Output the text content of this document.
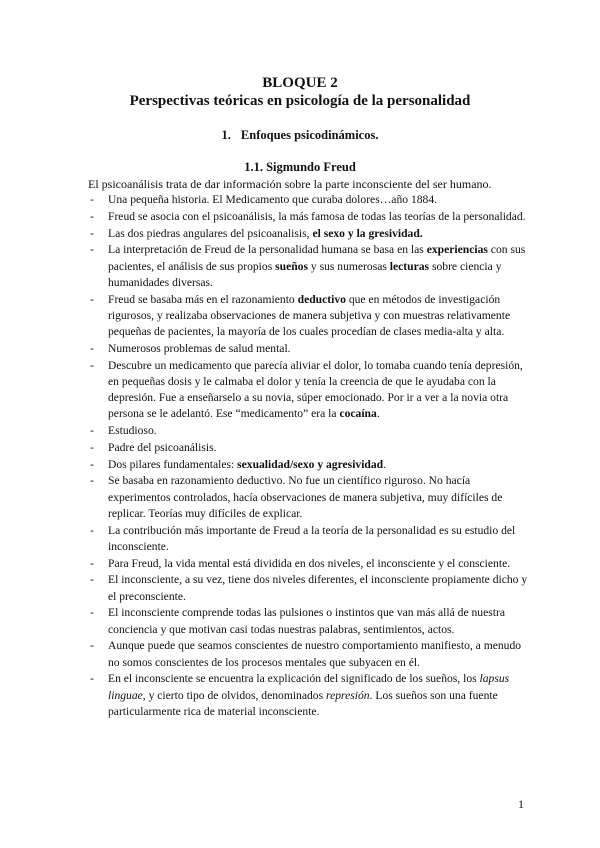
BLOQUE 2
Perspectivas teóricas en psicología de la personalidad
1. Enfoques psicodinámicos.
1.1. Sigmundo Freud
El psicoanálisis trata de dar información sobre la parte inconsciente del ser humano.
- Una pequeña historia. El Medicamento que curaba dolores…año 1884.
- Freud se asocia con el psicoanálisis, la más famosa de todas las teorías de la personalidad.
- Las dos piedras angulares del psicoanalisis, el sexo y la gresividad.
- La interpretación de Freud de la personalidad humana se basa en las experiencias con sus pacientes, el análisis de sus propios sueños y sus numerosas lecturas sobre ciencia y humanidades diversas.
- Freud se basaba más en el razonamiento deductivo que en métodos de investigación rigurosos, y realizaba observaciones de manera subjetiva y con muestras relativamente pequeñas de pacientes, la mayoría de los cuales procedían de clases media-alta y alta.
- Numerosos problemas de salud mental.
- Descubre un medicamento que parecía aliviar el dolor, lo tomaba cuando tenía depresión, en pequeñas dosis y le calmaba el dolor y tenía la creencia de que le ayudaba con la depresión. Fue a enseñarselo a su novia, súper emocionado. Por ir a ver a la novia otra persona se le adelantó. Ese “medicamento” era la cocaína.
- Estudioso.
- Padre del psicoanálisis.
- Dos pilares fundamentales: sexualidad/sexo y agresividad.
- Se basaba en razonamiento deductivo. No fue un científico riguroso. No hacía experimentos controlados, hacía observaciones de manera subjetiva, muy difíciles de replicar. Teorías muy difíciles de explicar.
- La contribución más importante de Freud a la teoría de la personalidad es su estudio del inconsciente.
- Para Freud, la vida mental está dividida en dos niveles, el inconsciente y el consciente.
- El inconsciente, a su vez, tiene dos niveles diferentes, el inconsciente propiamente dicho y el preconsciente.
- El inconsciente comprende todas las pulsiones o instintos que van más allá de nuestra conciencia y que motivan casi todas nuestras palabras, sentimientos, actos.
- Aunque puede que seamos conscientes de nuestro comportamiento manifiesto, a menudo no somos conscientes de los procesos mentales que subyacen en él.
- En el inconsciente se encuentra la explicación del significado de los sueños, los lapsus linguae, y cierto tipo de olvidos, denominados represión. Los sueños son una fuente particularmente rica de material inconsciente.
1
